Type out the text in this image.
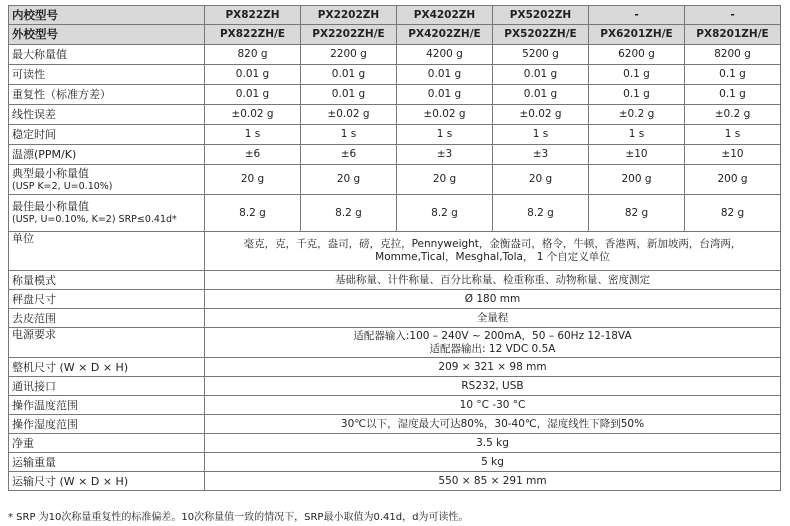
内校型号	PX822ZH	PX2202ZH	PX4202ZH	PX5202ZH	-	-
外校型号	PX822ZH/E	PX2202ZH/E	PX4202ZH/E	PX5202ZH/E	PX6201ZH/E	PX8201ZH/E
最大称量值	820 g	2200 g	4200 g	5200 g	6200 g	8200 g
可读性	0.01 g	0.01 g	0.01 g	0.01 g	0.1 g	0.1 g
重复性（标准方差）	0.01 g	0.01 g	0.01 g	0.01 g	0.1 g	0.1 g
线性误差	±0.02 g	±0.02 g	±0.02 g	±0.02 g	±0.2 g	±0.2 g
稳定时间	1 s	1 s	1 s	1 s	1 s	1 s
温漂(PPM/K)	±6	±6	±3	±3	±10	±10
典型最小称量值
(USP K=2, U=0.10%)	20 g	20 g	20 g	20 g	200 g	200 g
最佳最小称量值
(USP, U=0.10%, K=2) SRP≤0.41d*	8.2 g	8.2 g	8.2 g	8.2 g	82 g	82 g
单位	毫克，克，千克，盎司，磅，克拉，Pennyweight，金衡盎司，格令，牛顿，香港两，新加坡两，台湾两，Momme,Tical，Mesghal,Tola， 1 个自定义单位					

称量模式	基础称量、计件称量、百分比称量、检重称重、动物称量、密度测定					

秤盘尺寸	Ø 180 mm					

去皮范围	全量程					

电源要求	适配器输入:100 – 240V ~ 200mA，50 – 60Hz 12-18VA
适配器输出: 12 VDC 0.5A					

整机尺寸 (W × D × H)	209 × 321 × 98 mm					

通讯接口	RS232, USB					

操作温度范围	10 °C -30 °C					

操作湿度范围	30℃以下，湿度最大可达80%，30-40℃，湿度线性下降到50%					

净重	3.5 kg					

运输重量	5 kg					

运输尺寸 (W × D × H)	550 × 85 × 291 mm					
* SRP 为10次称量重复性的标准偏差。10次称量值一致的情况下，SRP最小取值为0.41d，d为可读性。
